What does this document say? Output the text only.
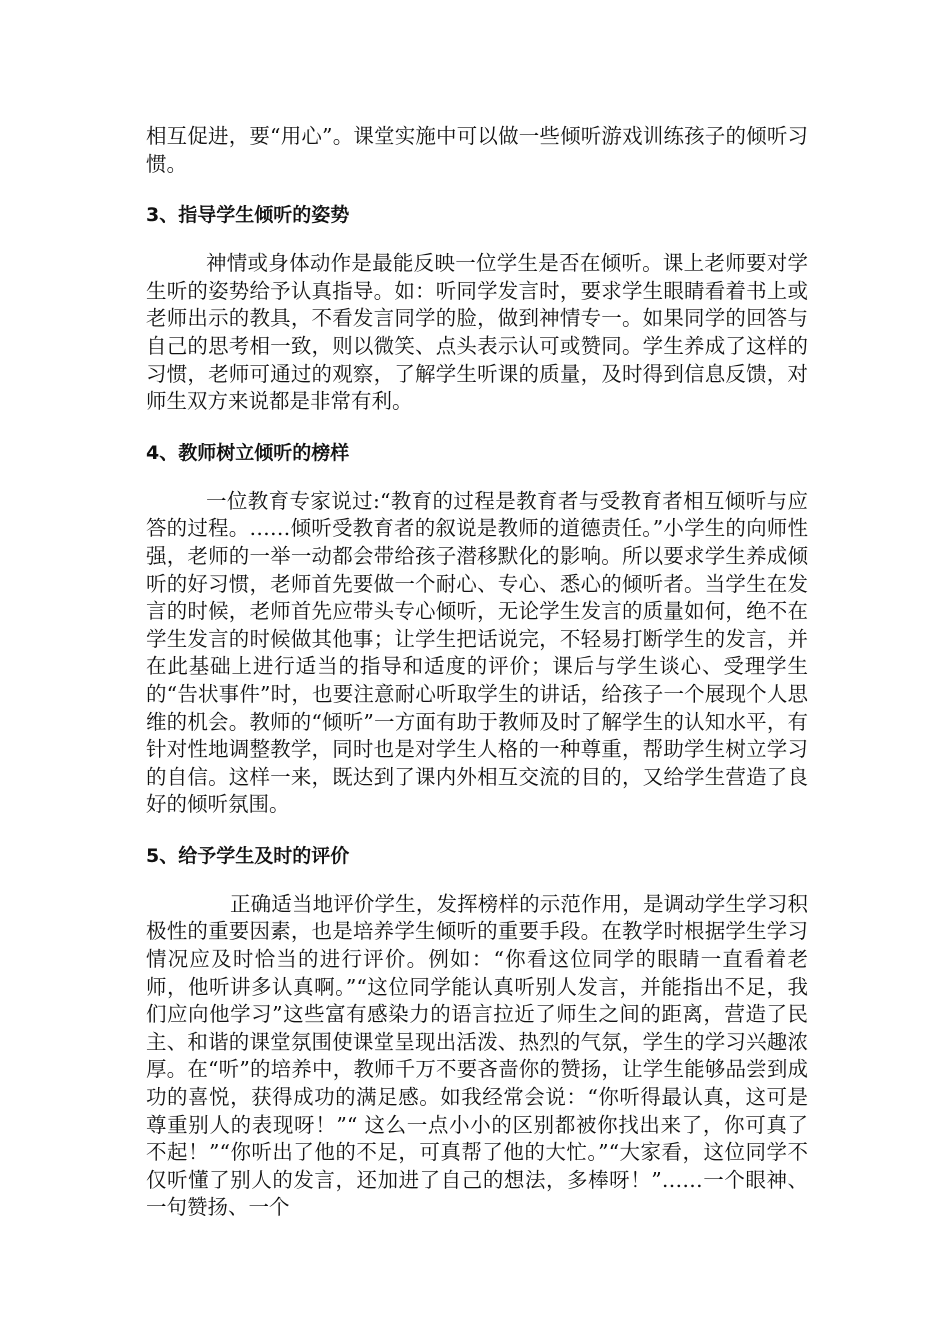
相互促进，要“用心”。课堂实施中可以做一些倾听游戏训练孩子的倾听习惯。

3、指导学生倾听的姿势

神情或身体动作是最能反映一位学生是否在倾听。课上老师要对学生听的姿势给予认真指导。如：听同学发言时，要求学生眼睛看着书上或老师出示的教具，不看发言同学的脸，做到神情专一。如果同学的回答与自己的思考相一致，则以微笑、点头表示认可或赞同。学生养成了这样的习惯，老师可通过的观察，了解学生听课的质量，及时得到信息反馈，对师生双方来说都是非常有利。

4、教师树立倾听的榜样

一位教育专家说过:“教育的过程是教育者与受教育者相互倾听与应答的过程。……倾听受教育者的叙说是教师的道德责任。”小学生的向师性强，老师的一举一动都会带给孩子潜移默化的影响。所以要求学生养成倾听的好习惯，老师首先要做一个耐心、专心、悉心的倾听者。当学生在发言的时候，老师首先应带头专心倾听，无论学生发言的质量如何，绝不在学生发言的时候做其他事；让学生把话说完，不轻易打断学生的发言，并在此基础上进行适当的指导和适度的评价；课后与学生谈心、受理学生的“告状事件”时，也要注意耐心听取学生的讲话，给孩子一个展现个人思维的机会。教师的“倾听”一方面有助于教师及时了解学生的认知水平，有针对性地调整教学，同时也是对学生人格的一种尊重，帮助学生树立学习的自信。这样一来，既达到了课内外相互交流的目的，又给学生营造了良好的倾听氛围。

5、给予学生及时的评价

正确适当地评价学生，发挥榜样的示范作用，是调动学生学习积极性的重要因素，也是培养学生倾听的重要手段。在教学时根据学生学习情况应及时恰当的进行评价。例如：“你看这位同学的眼睛一直看着老师，他听讲多认真啊。”“这位同学能认真听别人发言，并能指出不足，我们应向他学习”这些富有感染力的语言拉近了师生之间的距离，营造了民主、和谐的课堂氛围使课堂呈现出活泼、热烈的气氛，学生的学习兴趣浓厚。在“听”的培养中，教师千万不要吝啬你的赞扬，让学生能够品尝到成功的喜悦，获得成功的满足感。如我经常会说：“你听得最认真，这可是尊重别人的表现呀！”“ 这么一点小小的区别都被你找出来了，你可真了不起！”“你听出了他的不足，可真帮了他的大忙。”“大家看，这位同学不仅听懂了别人的发言，还加进了自己的想法，多棒呀！”……一个眼神、一句赞扬、一个
